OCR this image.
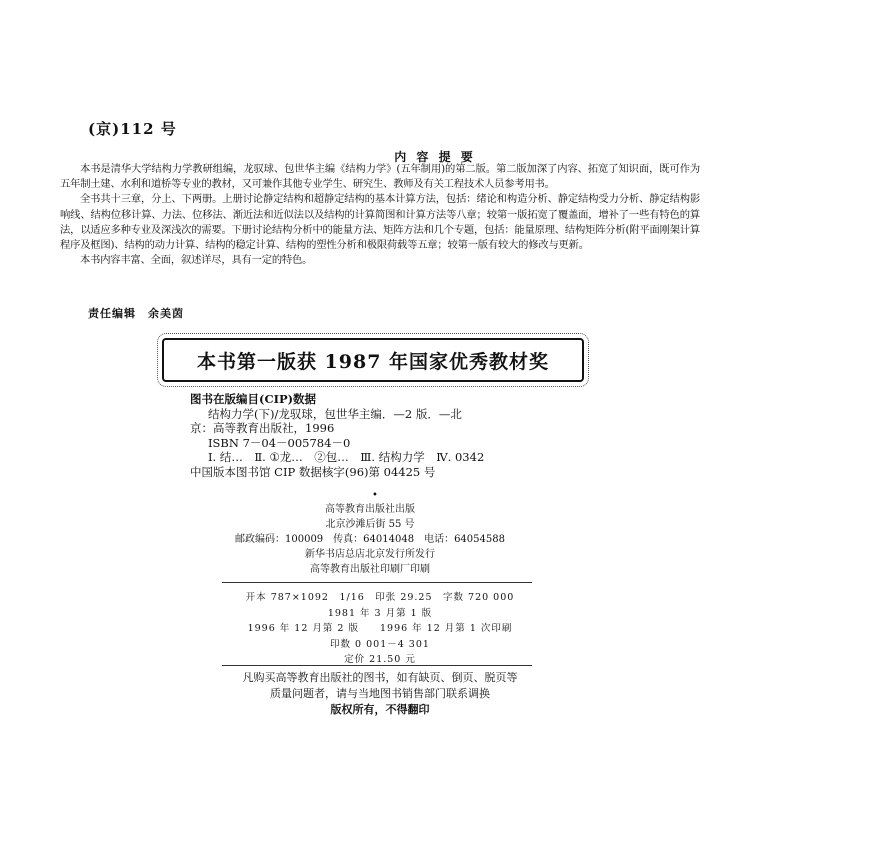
(京)112 号
内 容 提 要

本书是清华大学结构力学教研组编，龙驭球、包世华主编《结构力学》(五年制用)的第二版。第二版加深了内容、拓宽了知识面，既可作为五年制土建、水利和道桥等专业的教材，又可兼作其他专业学生、研究生、教师及有关工程技术人员参考用书。

全书共十三章，分上、下两册。上册讨论静定结构和超静定结构的基本计算方法，包括：绪论和构造分析、静定结构受力分析、静定结构影响线、结构位移计算、力法、位移法、渐近法和近似法以及结构的计算简图和计算方法等八章；较第一版拓宽了覆盖面，增补了一些有特色的算法，以适应多种专业及深浅次的需要。下册讨论结构分析中的能量方法、矩阵方法和几个专题，包括：能量原理、结构矩阵分析(附平面刚架计算程序及框图)、结构的动力计算、结构的稳定计算、结构的塑性分析和极限荷载等五章；较第一版有较大的修改与更新。

本书内容丰富、全面，叙述详尽，具有一定的特色。

责任编辑 余美茵
本书第一版获 1987 年国家优秀教材奖
图书在版编目(CIP)数据
结构力学(下)/龙驭球，包世华主编．—2 版．—北
京：高等教育出版社，1996
ISBN 7－04－005784－0
Ⅰ. 结…　Ⅱ. ①龙…　②包…　Ⅲ. 结构力学　Ⅳ. 0342
中国版本图书馆 CIP 数据核字(96)第 04425 号
•
高等教育出版社出版
北京沙滩后街 55 号
邮政编码：100009　传真：64014048　电话：64054588
新华书店总店北京发行所发行
高等教育出版社印刷厂印刷
开本 787×1092　1/16　印张 29.25　字数 720 000
1981 年 3 月第 1 版
1996 年 12 月第 2 版　　1996 年 12 月第 1 次印刷
印数 0 001－4 301
定价 21.50 元
凡购买高等教育出版社的图书，如有缺页、倒页、脱页等
质量问题者，请与当地图书销售部门联系调换
版权所有，不得翻印
